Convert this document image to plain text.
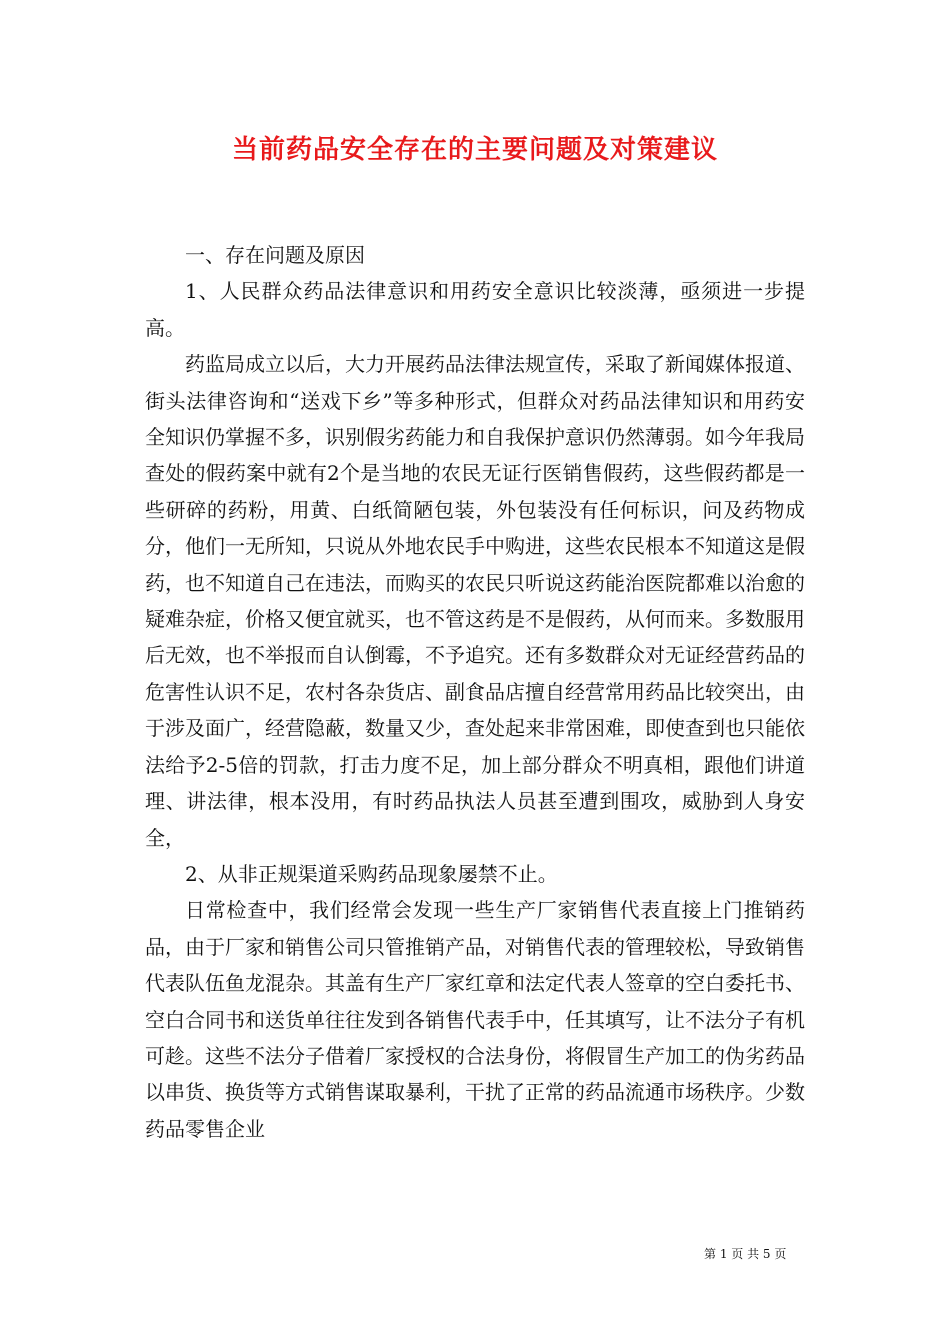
当前药品安全存在的主要问题及对策建议

一、存在问题及原因

1、人民群众药品法律意识和用药安全意识比较淡薄，亟须进一步提高。

药监局成立以后，大力开展药品法律法规宣传，采取了新闻媒体报道、街头法律咨询和“送戏下乡”等多种形式，但群众对药品法律知识和用药安全知识仍掌握不多，识别假劣药能力和自我保护意识仍然薄弱。如今年我局查处的假药案中就有2个是当地的农民无证行医销售假药，这些假药都是一些研碎的药粉，用黄、白纸简陋包装，外包装没有任何标识，问及药物成分，他们一无所知，只说从外地农民手中购进，这些农民根本不知道这是假药，也不知道自己在违法，而购买的农民只听说这药能治医院都难以治愈的疑难杂症，价格又便宜就买，也不管这药是不是假药，从何而来。多数服用后无效，也不举报而自认倒霉，不予追究。还有多数群众对无证经营药品的危害性认识不足，农村各杂货店、副食品店擅自经营常用药品比较突出，由于涉及面广，经营隐蔽，数量又少，查处起来非常困难，即使查到也只能依法给予2-5倍的罚款，打击力度不足，加上部分群众不明真相，跟他们讲道理、讲法律，根本没用，有时药品执法人员甚至遭到围攻，威胁到人身安全，

2、从非正规渠道采购药品现象屡禁不止。

日常检查中，我们经常会发现一些生产厂家销售代表直接上门推销药品，由于厂家和销售公司只管推销产品，对销售代表的管理较松，导致销售代表队伍鱼龙混杂。其盖有生产厂家红章和法定代表人签章的空白委托书、空白合同书和送货单往往发到各销售代表手中，任其填写，让不法分子有机可趁。这些不法分子借着厂家授权的合法身份，将假冒生产加工的伪劣药品以串货、换货等方式销售谋取暴利，干扰了正常的药品流通市场秩序。少数药品零售企业

第 1 页 共 5 页
